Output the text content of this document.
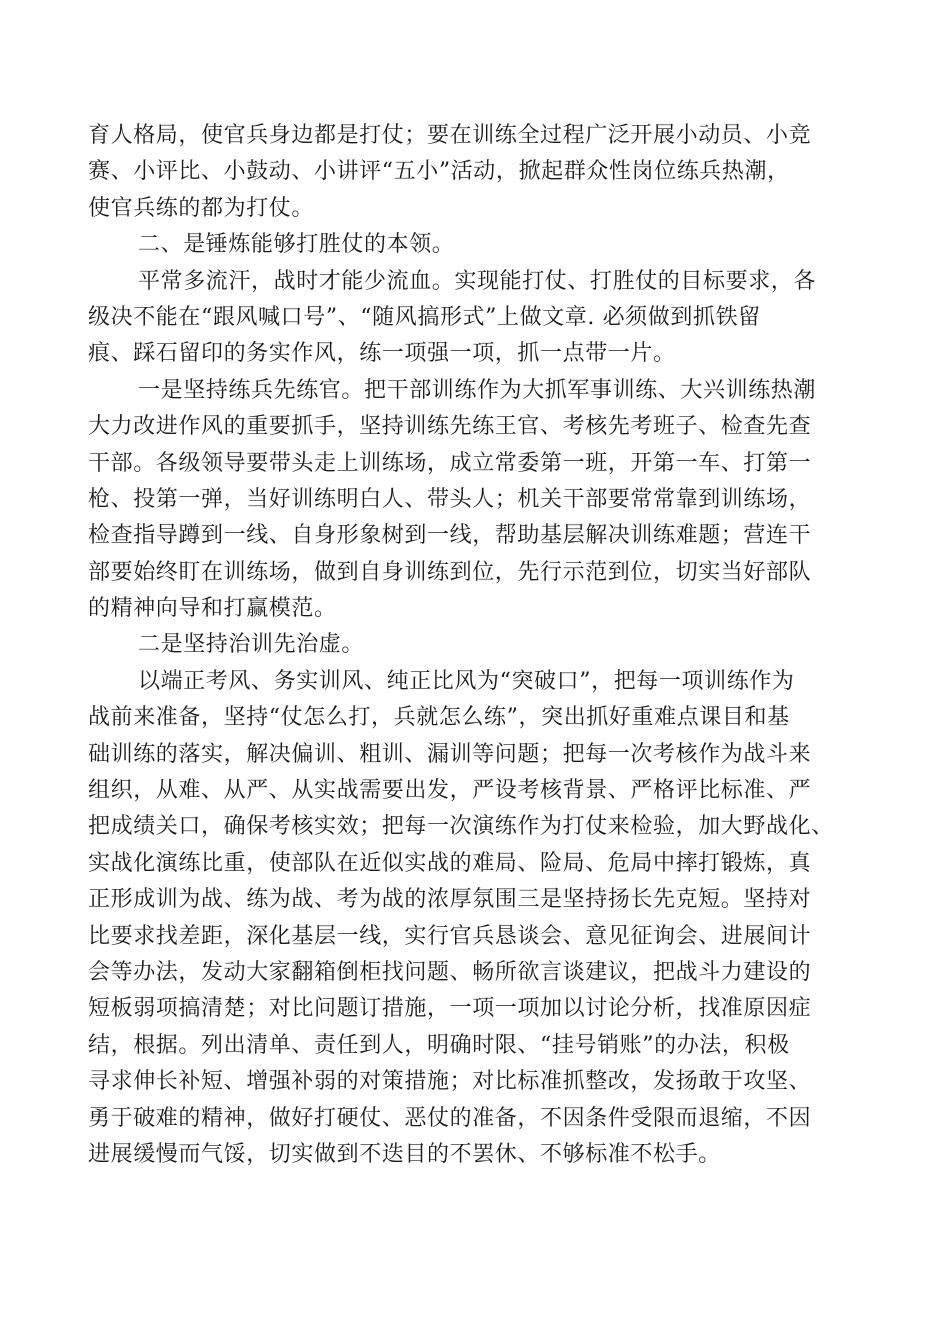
育人格局，使官兵身边都是打仗；要在训练全过程广泛开展小动员、小竞
赛、小评比、小鼓动、小讲评“五小”活动，掀起群众性岗位练兵热潮，
使官兵练的都为打仗。
二、是锤炼能够打胜仗的本领。
平常多流汗，战时才能少流血。实现能打仗、打胜仗的目标要求，各
级决不能在“跟风喊口号”、“随风搞形式”上做文章. 必须做到抓铁留
痕、踩石留印的务实作风，练一项强一项，抓一点带一片。
一是坚持练兵先练官。把干部训练作为大抓军事训练、大兴训练热潮
大力改进作风的重要抓手，坚持训练先练王官、考核先考班子、检查先查
干部。各级领导要带头走上训练场，成立常委第一班，开第一车、打第一
枪、投第一弹，当好训练明白人、带头人；机关干部要常常靠到训练场，
检查指导蹲到一线、自身形象树到一线，帮助基层解决训练难题；营连干
部要始终盯在训练场，做到自身训练到位，先行示范到位，切实当好部队
的精神向导和打赢模范。
二是坚持治训先治虚。
以端正考风、务实训风、纯正比风为“突破口”，把每一项训练作为
战前来准备，坚持“仗怎么打，兵就怎么练”，突出抓好重难点课目和基
础训练的落实，解决偏训、粗训、漏训等问题；把每一次考核作为战斗来
组织，从难、从严、从实战需要出发，严设考核背景、严格评比标准、严
把成绩关口，确保考核实效；把每一次演练作为打仗来检验，加大野战化、
实战化演练比重，使部队在近似实战的难局、险局、危局中摔打锻炼，真
正形成训为战、练为战、考为战的浓厚氛围三是坚持扬长先克短。坚持对
比要求找差距，深化基层一线，实行官兵恳谈会、意见征询会、进展间计
会等办法，发动大家翻箱倒柜找问题、畅所欲言谈建议，把战斗力建设的
短板弱项搞清楚；对比问题订措施，一项一项加以讨论分析，找准原因症
结，根据。列出清单、责任到人，明确时限、“挂号销账”的办法，积极
寻求伸长补短、增强补弱的对策措施；对比标准抓整改，发扬敢于攻坚、
勇于破难的精神，做好打硬仗、恶仗的准备，不因条件受限而退缩，不因
进展缓慢而气馁，切实做到不迭目的不罢休、不够标准不松手。
